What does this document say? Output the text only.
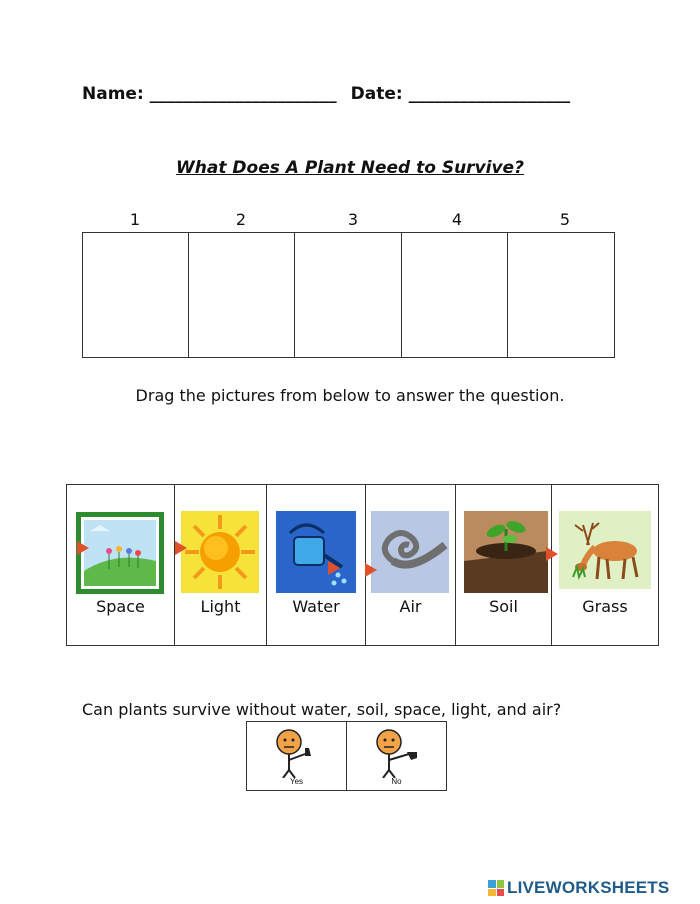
Name: ______________________ Date: ___________________
What Does A Plant Need to Survive?
1	2	3	4	5
Drag the pictures from below to answer the question.
Space	Light	Water	Air	Soil	Grass
Can plants survive without water, soil, space, light, and air?
Yes	No
LIVEWORKSHEETS
